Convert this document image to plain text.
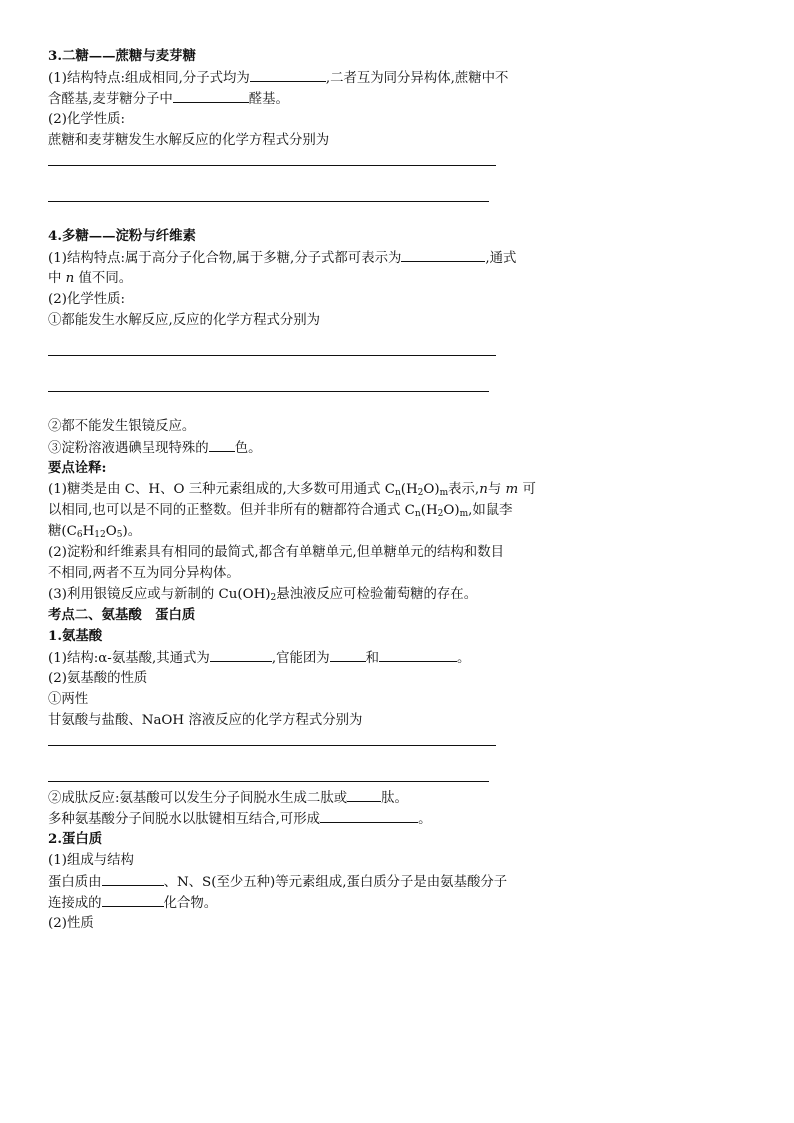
3.二糖——蔗糖与麦芽糖
(1)结构特点:组成相同,分子式均为	,二者互为同分异构体,蔗糖中不
含醛基,麦芽糖分子中	醛基。
(2)化学性质:
蔗糖和麦芽糖发生水解反应的化学方程式分别为
4.多糖——淀粉与纤维素
(1)结构特点:属于高分子化合物,属于多糖,分子式都可表示为	,通式
中 n 值不同。
(2)化学性质:
①都能发生水解反应,反应的化学方程式分别为
②都不能发生银镜反应。
③淀粉溶液遇碘呈现特殊的 色。
要点诠释:
(1)糖类是由 C、H、O 三种元素组成的,大多数可用通式 $C_n(H_2O)_m$表示,n与 m 可
以相同,也可以是不同的正整数。但并非所有的糖都符合通式 $C_n(H_2O)_m$,如鼠李
糖$(C_6H_{12}O_5)$。
(2)淀粉和纤维素具有相同的最简式,都含有单糖单元,但单糖单元的结构和数目
不相同,两者不互为同分异构体。
(3)利用银镜反应或与新制的 $Cu(OH)_2$悬浊液反应可检验葡萄糖的存在。
考点二、氨基酸　蛋白质
1.氨基酸
(1)结构:α-氨基酸,其通式为	,官能团为	和	。
(2)氨基酸的性质
①两性
甘氨酸与盐酸、NaOH 溶液反应的化学方程式分别为
②成肽反应:氨基酸可以发生分子间脱水生成二肽或	肽。
多种氨基酸分子间脱水以肽键相互结合,可形成	。
2.蛋白质
(1)组成与结构
蛋白质由	、N、S(至少五种)等元素组成,蛋白质分子是由氨基酸分子
连接成的	化合物。
(2)性质
